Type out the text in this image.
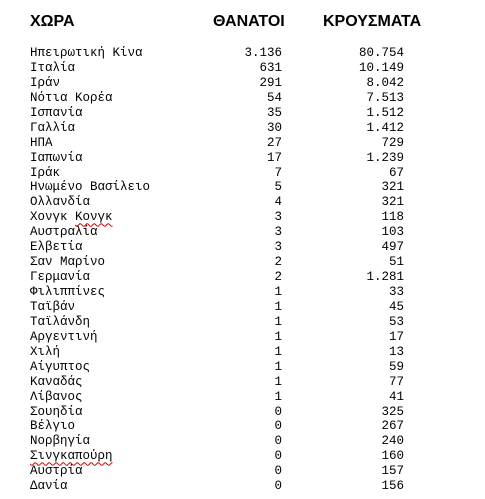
ΧΩΡΑ	ΘΑΝΑΤΟΙ ΚΡΟΥΣΜΑΤΑ
Ηπειρωτική Κίνα	3.136	80.754
Ιταλία	631	10.149
Ιράν	291	8.042
Νότια Κορέα	54	7.513
Ισπανία	35	1.512
Γαλλία	30	1.412
ΗΠΑ	27	729
Ιαπωνία	17	1.239
Ιράκ	7	67
Ηνωμένο Βασίλειο	5	321
Ολλανδία	4	321
Χονγκ Κονγκ	3	118
Αυστραλία	3	103
Ελβετία	3	497
Σαν Μαρίνο	2	51
Γερμανία	2	1.281
Φιλιππίνες	1	33
Ταϊβάν	1	45
Ταϊλάνδη	1	53
Αργεντινή	1	17
Χιλή	1	13
Αίγυπτος	1	59
Καναδάς	1	77
Λίβανος	1	41
Σουηδία	0	325
Βέλγιο	0	267
Νορβηγία	0	240
Σινγκαπούρη	0	160
Αυστρία	0	157
Δανία	0	156
